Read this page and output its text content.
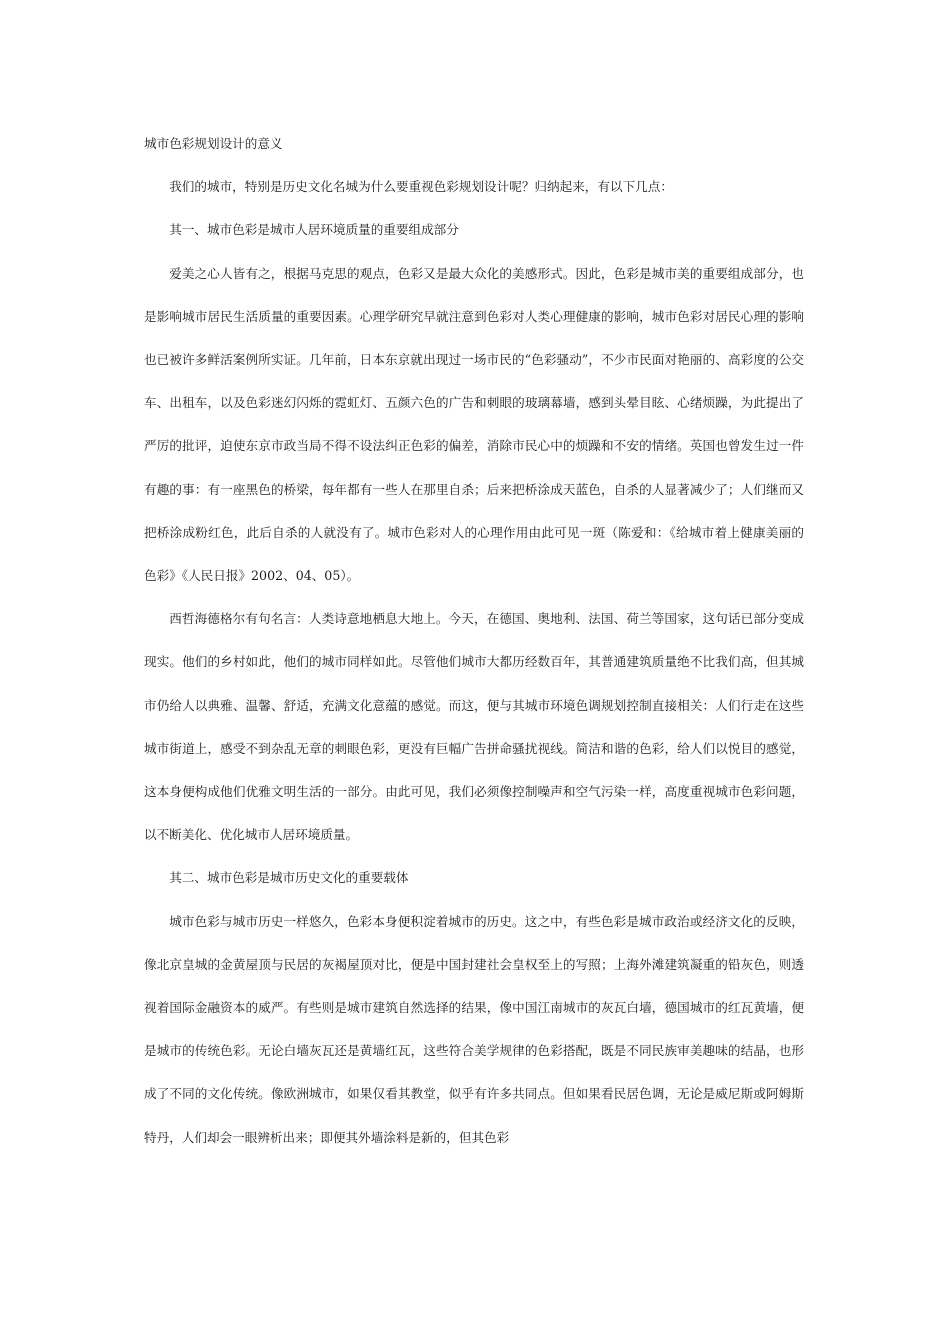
城市色彩规划设计的意义

我们的城市，特别是历史文化名城为什么要重视色彩规划设计呢？归纳起来，有以下几点：

其一、城市色彩是城市人居环境质量的重要组成部分

爱美之心人皆有之，根据马克思的观点，色彩又是最大众化的美感形式。因此，色彩是城市美的重要组成部分，也是影响城市居民生活质量的重要因素。心理学研究早就注意到色彩对人类心理健康的影响，城市色彩对居民心理的影响也已被许多鲜活案例所实证。几年前，日本东京就出现过一场市民的“色彩骚动”，不少市民面对艳丽的、高彩度的公交车、出租车，以及色彩迷幻闪烁的霓虹灯、五颜六色的广告和刺眼的玻璃幕墙，感到头晕目眩、心绪烦躁，为此提出了严厉的批评，迫使东京市政当局不得不设法纠正色彩的偏差，消除市民心中的烦躁和不安的情绪。英国也曾发生过一件有趣的事：有一座黑色的桥梁，每年都有一些人在那里自杀；后来把桥涂成天蓝色，自杀的人显著减少了；人们继而又把桥涂成粉红色，此后自杀的人就没有了。城市色彩对人的心理作用由此可见一斑（陈爱和：《给城市着上健康美丽的色彩》《人民日报》2002、04、05）。

西哲海德格尔有句名言：人类诗意地栖息大地上。今天，在德国、奥地利、法国、荷兰等国家，这句话已部分变成现实。他们的乡村如此，他们的城市同样如此。尽管他们城市大都历经数百年，其普通建筑质量绝不比我们高，但其城市仍给人以典雅、温馨、舒适，充满文化意蕴的感觉。而这，便与其城市环境色调规划控制直接相关：人们行走在这些城市街道上，感受不到杂乱无章的刺眼色彩，更没有巨幅广告拼命骚扰视线。简洁和谐的色彩，给人们以悦目的感觉，这本身便构成他们优雅文明生活的一部分。由此可见，我们必须像控制噪声和空气污染一样，高度重视城市色彩问题，以不断美化、优化城市人居环境质量。

其二、城市色彩是城市历史文化的重要载体

城市色彩与城市历史一样悠久，色彩本身便积淀着城市的历史。这之中，有些色彩是城市政治或经济文化的反映，像北京皇城的金黄屋顶与民居的灰褐屋顶对比，便是中国封建社会皇权至上的写照；上海外滩建筑凝重的铅灰色，则透视着国际金融资本的威严。有些则是城市建筑自然选择的结果，像中国江南城市的灰瓦白墙，德国城市的红瓦黄墙，便是城市的传统色彩。无论白墙灰瓦还是黄墙红瓦，这些符合美学规律的色彩搭配，既是不同民族审美趣味的结晶，也形成了不同的文化传统。像欧洲城市，如果仅看其教堂，似乎有许多共同点。但如果看民居色调，无论是威尼斯或阿姆斯特丹，人们却会一眼辨析出来；即便其外墙涂料是新的，但其色彩
